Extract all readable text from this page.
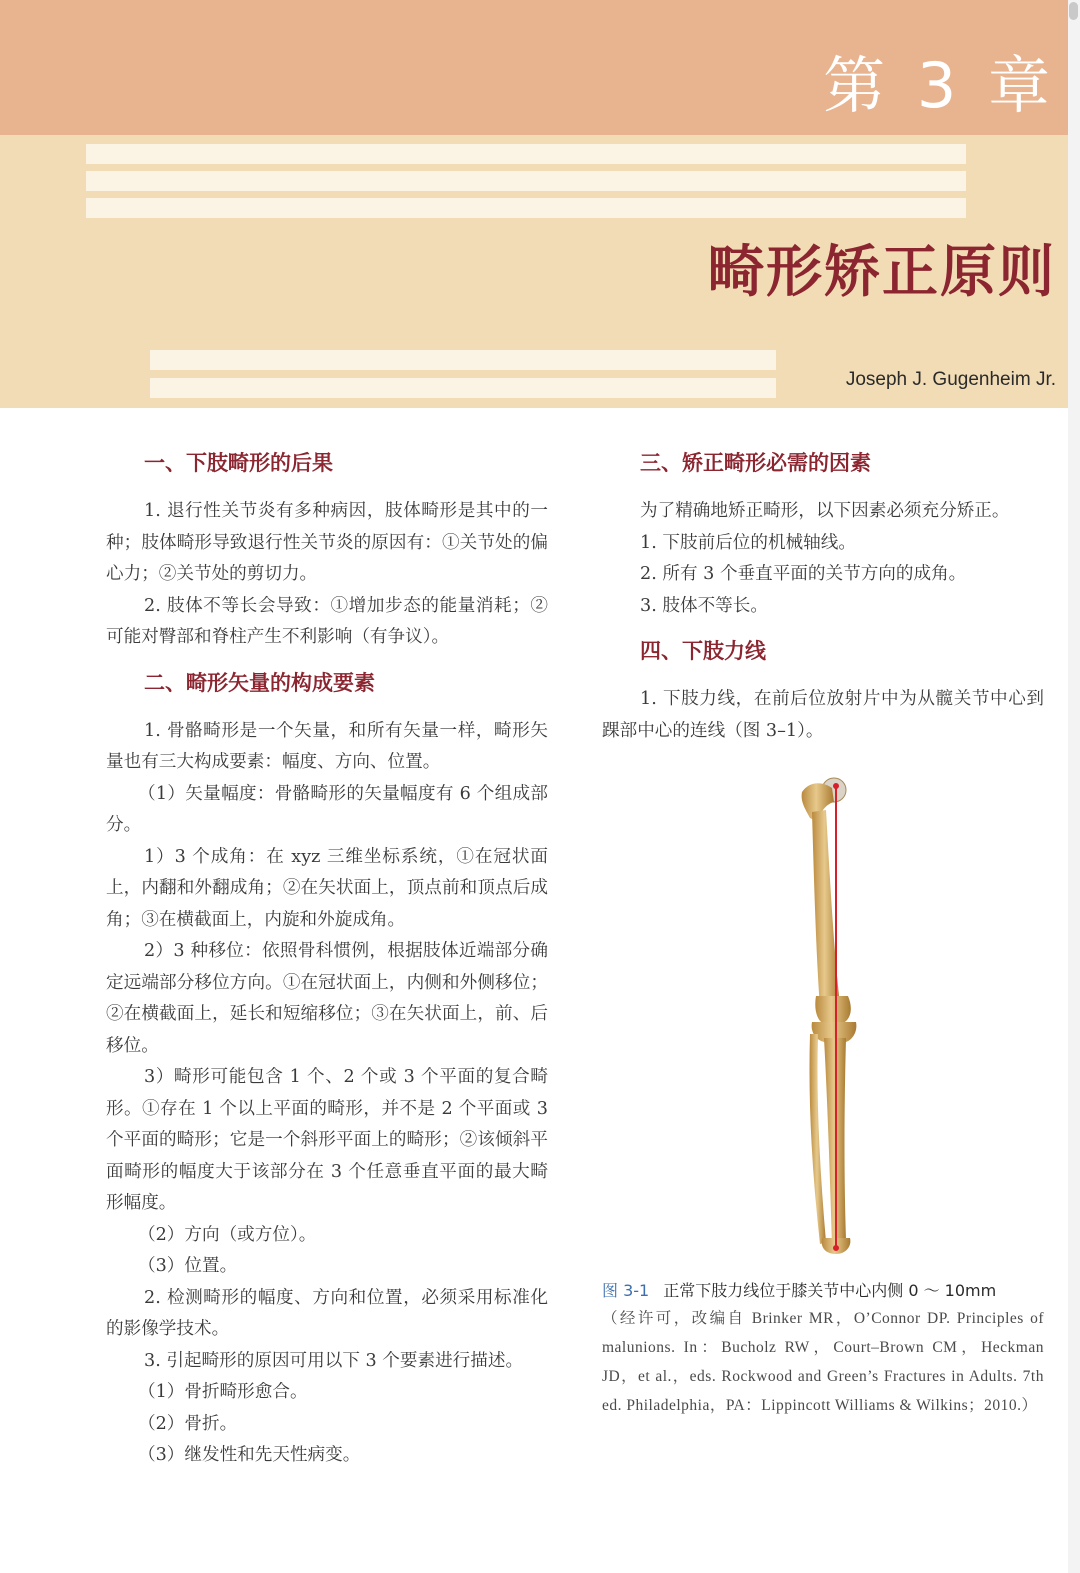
第 3 章
畸形矫正原则
Joseph J. Gugenheim Jr.
一、下肢畸形的后果

1. 退行性关节炎有多种病因，肢体畸形是其中的一种；肢体畸形导致退行性关节炎的原因有：①关节处的偏心力；②关节处的剪切力。

2. 肢体不等长会导致：①增加步态的能量消耗；②可能对臀部和脊柱产生不利影响（有争议）。

二、畸形矢量的构成要素

1. 骨骼畸形是一个矢量，和所有矢量一样，畸形矢量也有三大构成要素：幅度、方向、位置。

（1）矢量幅度：骨骼畸形的矢量幅度有 6 个组成部分。

1）3 个成角：在 xyz 三维坐标系统，①在冠状面上，内翻和外翻成角；②在矢状面上，顶点前和顶点后成角；③在横截面上，内旋和外旋成角。

2）3 种移位：依照骨科惯例，根据肢体近端部分确定远端部分移位方向。①在冠状面上，内侧和外侧移位；②在横截面上，延长和短缩移位；③在矢状面上，前、后移位。

3）畸形可能包含 1 个、2 个或 3 个平面的复合畸形。①存在 1 个以上平面的畸形，并不是 2 个平面或 3 个平面的畸形；它是一个斜形平面上的畸形；②该倾斜平面畸形的幅度大于该部分在 3 个任意垂直平面的最大畸形幅度。

（2）方向（或方位）。

（3）位置。

2. 检测畸形的幅度、方向和位置，必须采用标准化的影像学技术。

3. 引起畸形的原因可用以下 3 个要素进行描述。

（1）骨折畸形愈合。

（2）骨折。

（3）继发性和先天性病变。

三、矫正畸形必需的因素

为了精确地矫正畸形，以下因素必须充分矫正。

1. 下肢前后位的机械轴线。

2. 所有 3 个垂直平面的关节方向的成角。

3. 肢体不等长。

四、下肢力线

1. 下肢力线，在前后位放射片中为从髋关节中心到踝部中心的连线（图 3–1）。

图 3-1 正常下肢力线位于膝关节中心内侧 0 ～ 10mm
（经许可，改编自 Brinker MR，O’Connor DP. Principles of malunions. In：Bucholz RW，Court–Brown CM，Heckman JD，et al.，eds. Rockwood and Green’s Fractures in Adults. 7th ed. Philadelphia，PA：Lippincott Williams & Wilkins；2010.）
